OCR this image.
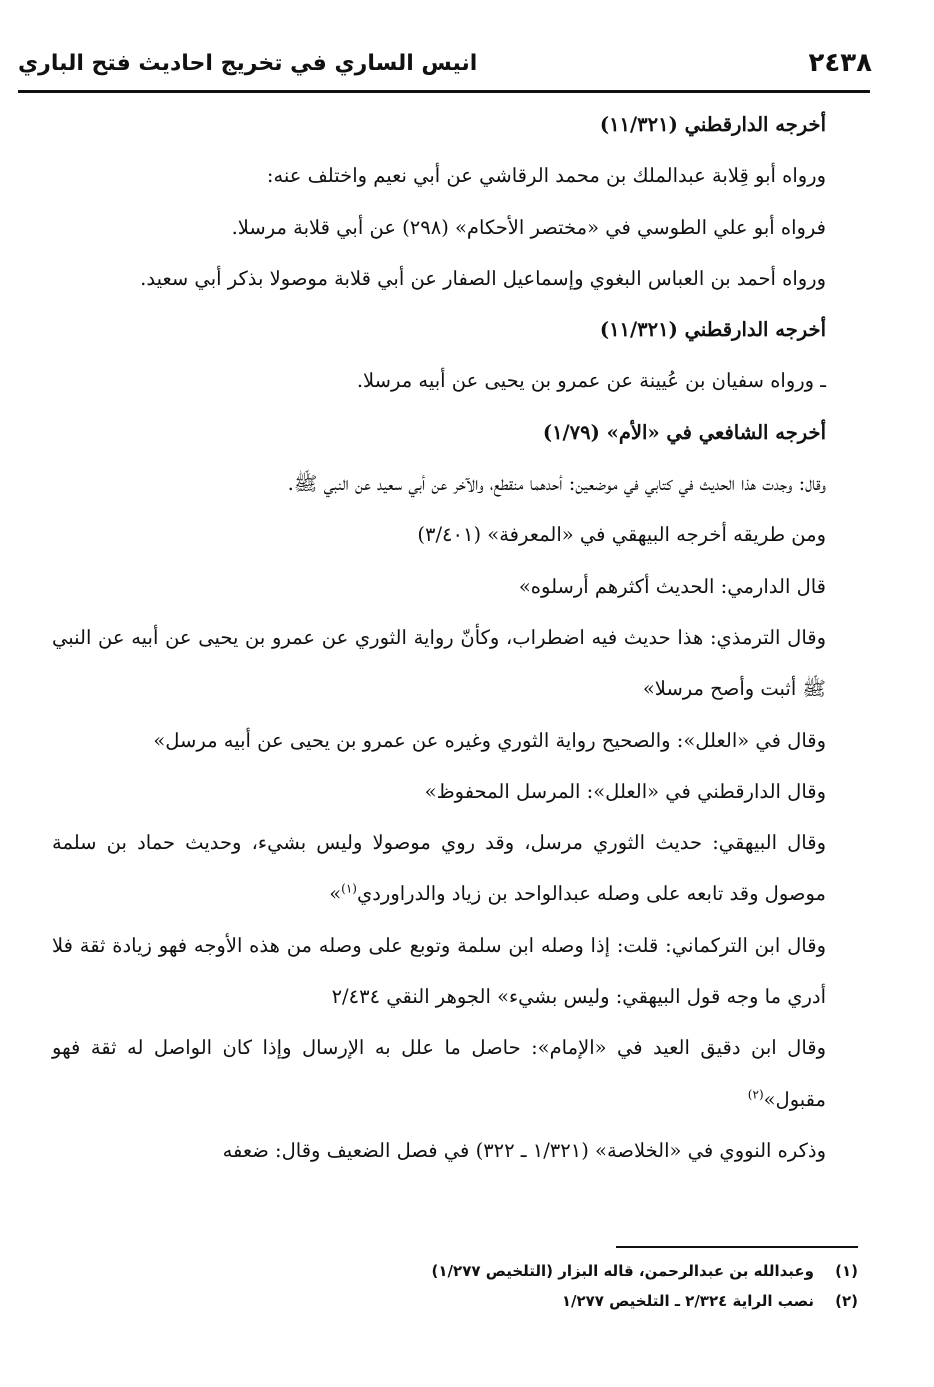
٢٤٣٨
انيس الساري في تخريج احاديث فتح الباري

أخرجه الدارقطني (١١/٣٢١)

ورواه أبو قِلابة عبدالملك بن محمد الرقاشي عن أبي نعيم واختلف عنه:

فرواه أبو علي الطوسي في «مختصر الأحكام» (٢٩٨) عن أبي قلابة مرسلا.

ورواه أحمد بن العباس البغوي وإسماعيل الصفار عن أبي قلابة موصولا بذكر أبي سعيد.

أخرجه الدارقطني (١١/٣٢١)

ـ ورواه سفيان بن عُيينة عن عمرو بن يحيى عن أبيه مرسلا.

أخرجه الشافعي في «الأم» (١/٧٩)

وقال: وجدت هذا الحديث في كتابي في موضعين: أحدهما منقطع، والآخر عن أبي سعيد عن النبي ﷺ.

ومن طريقه أخرجه البيهقي في «المعرفة» (٣/٤٠١)

قال الدارمي: الحديث أكثرهم أرسلوه»

وقال الترمذي: هذا حديث فيه اضطراب، وكأنّ رواية الثوري عن عمرو بن يحيى عن أبيه عن النبي ﷺ أثبت وأصح مرسلا»

وقال في «العلل»: والصحيح رواية الثوري وغيره عن عمرو بن يحيى عن أبيه مرسل»

وقال الدارقطني في «العلل»: المرسل المحفوظ»

وقال البيهقي: حديث الثوري مرسل، وقد روي موصولا وليس بشيء، وحديث حماد بن سلمة موصول وقد تابعه على وصله عبدالواحد بن زياد والدراوردي$^{(١)}$»

وقال ابن التركماني: قلت: إذا وصله ابن سلمة وتوبع على وصله من هذه الأوجه فهو زيادة ثقة فلا أدري ما وجه قول البيهقي: وليس بشيء» الجوهر النقي ٢/٤٣٤

وقال ابن دقيق العيد في «الإمام»: حاصل ما علل به الإرسال وإذا كان الواصل له ثقة فهو مقبول»$^{(٢)}$

وذكره النووي في «الخلاصة» (١/٣٢١ ـ ٣٢٢) في فصل الضعيف وقال: ضعفه

(١)
وعبدالله بن عبدالرحمن، قاله البزار (التلخيص ١/٢٧٧)
(٢)
نصب الراية ٢/٣٢٤ ـ التلخيص ١/٢٧٧
